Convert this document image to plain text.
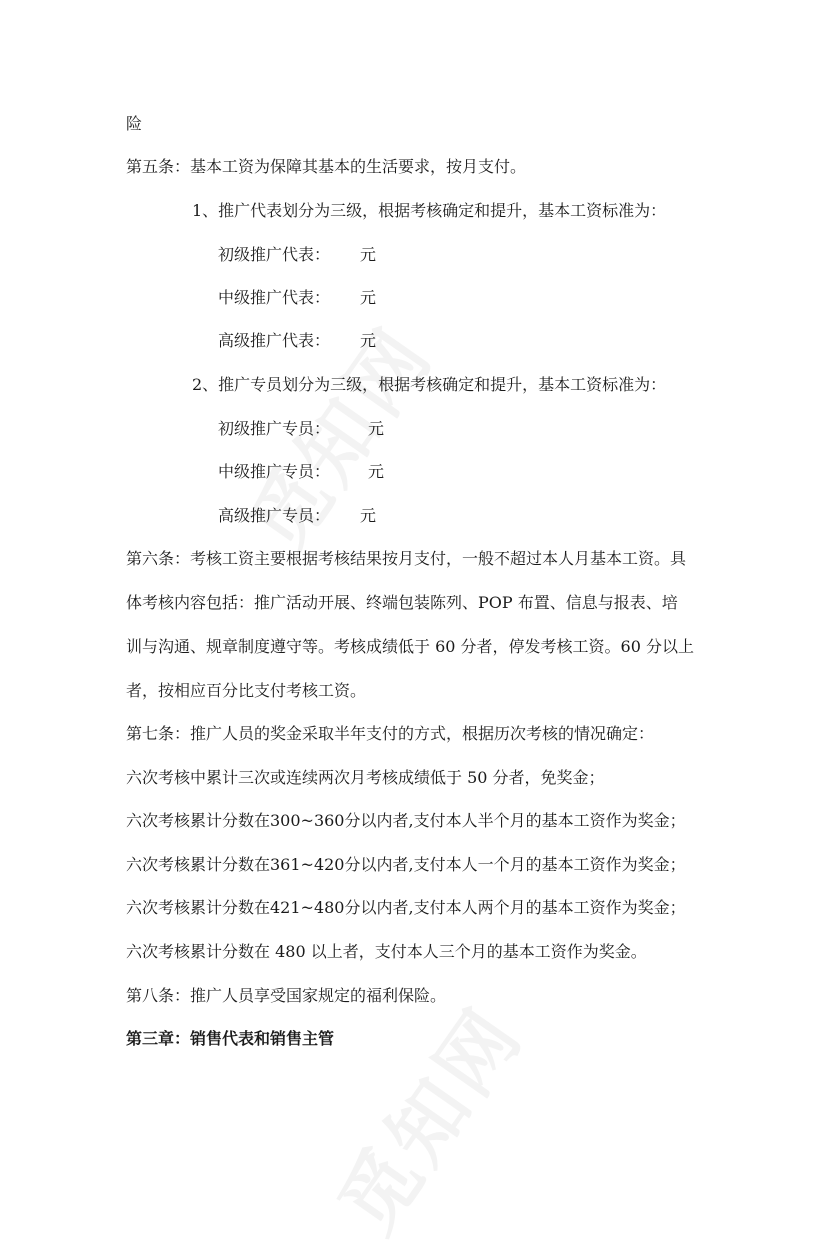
险
第五条：基本工资为保障其基本的生活要求，按月支付。
1、推广代表划分为三级，根据考核确定和提升，基本工资标准为：
初级推广代表： 元
中级推广代表： 元
高级推广代表： 元
2、推广专员划分为三级，根据考核确定和提升，基本工资标准为：
初级推广专员： 元
中级推广专员： 元
高级推广专员： 元
第六条：考核工资主要根据考核结果按月支付，一般不超过本人月基本工资。具
体考核内容包括：推广活动开展、终端包装陈列、POP 布置、信息与报表、培
训与沟通、规章制度遵守等。考核成绩低于 60 分者，停发考核工资。60 分以上
者，按相应百分比支付考核工资。
第七条：推广人员的奖金采取半年支付的方式，根据历次考核的情况确定：
六次考核中累计三次或连续两次月考核成绩低于 50 分者，免奖金；
六次考核累计分数在300~360分以内者,支付本人半个月的基本工资作为奖金；
六次考核累计分数在361~420分以内者,支付本人一个月的基本工资作为奖金；
六次考核累计分数在421~480分以内者,支付本人两个月的基本工资作为奖金；
六次考核累计分数在 480 以上者，支付本人三个月的基本工资作为奖金。
第八条：推广人员享受国家规定的福利保险。
第三章：销售代表和销售主管
